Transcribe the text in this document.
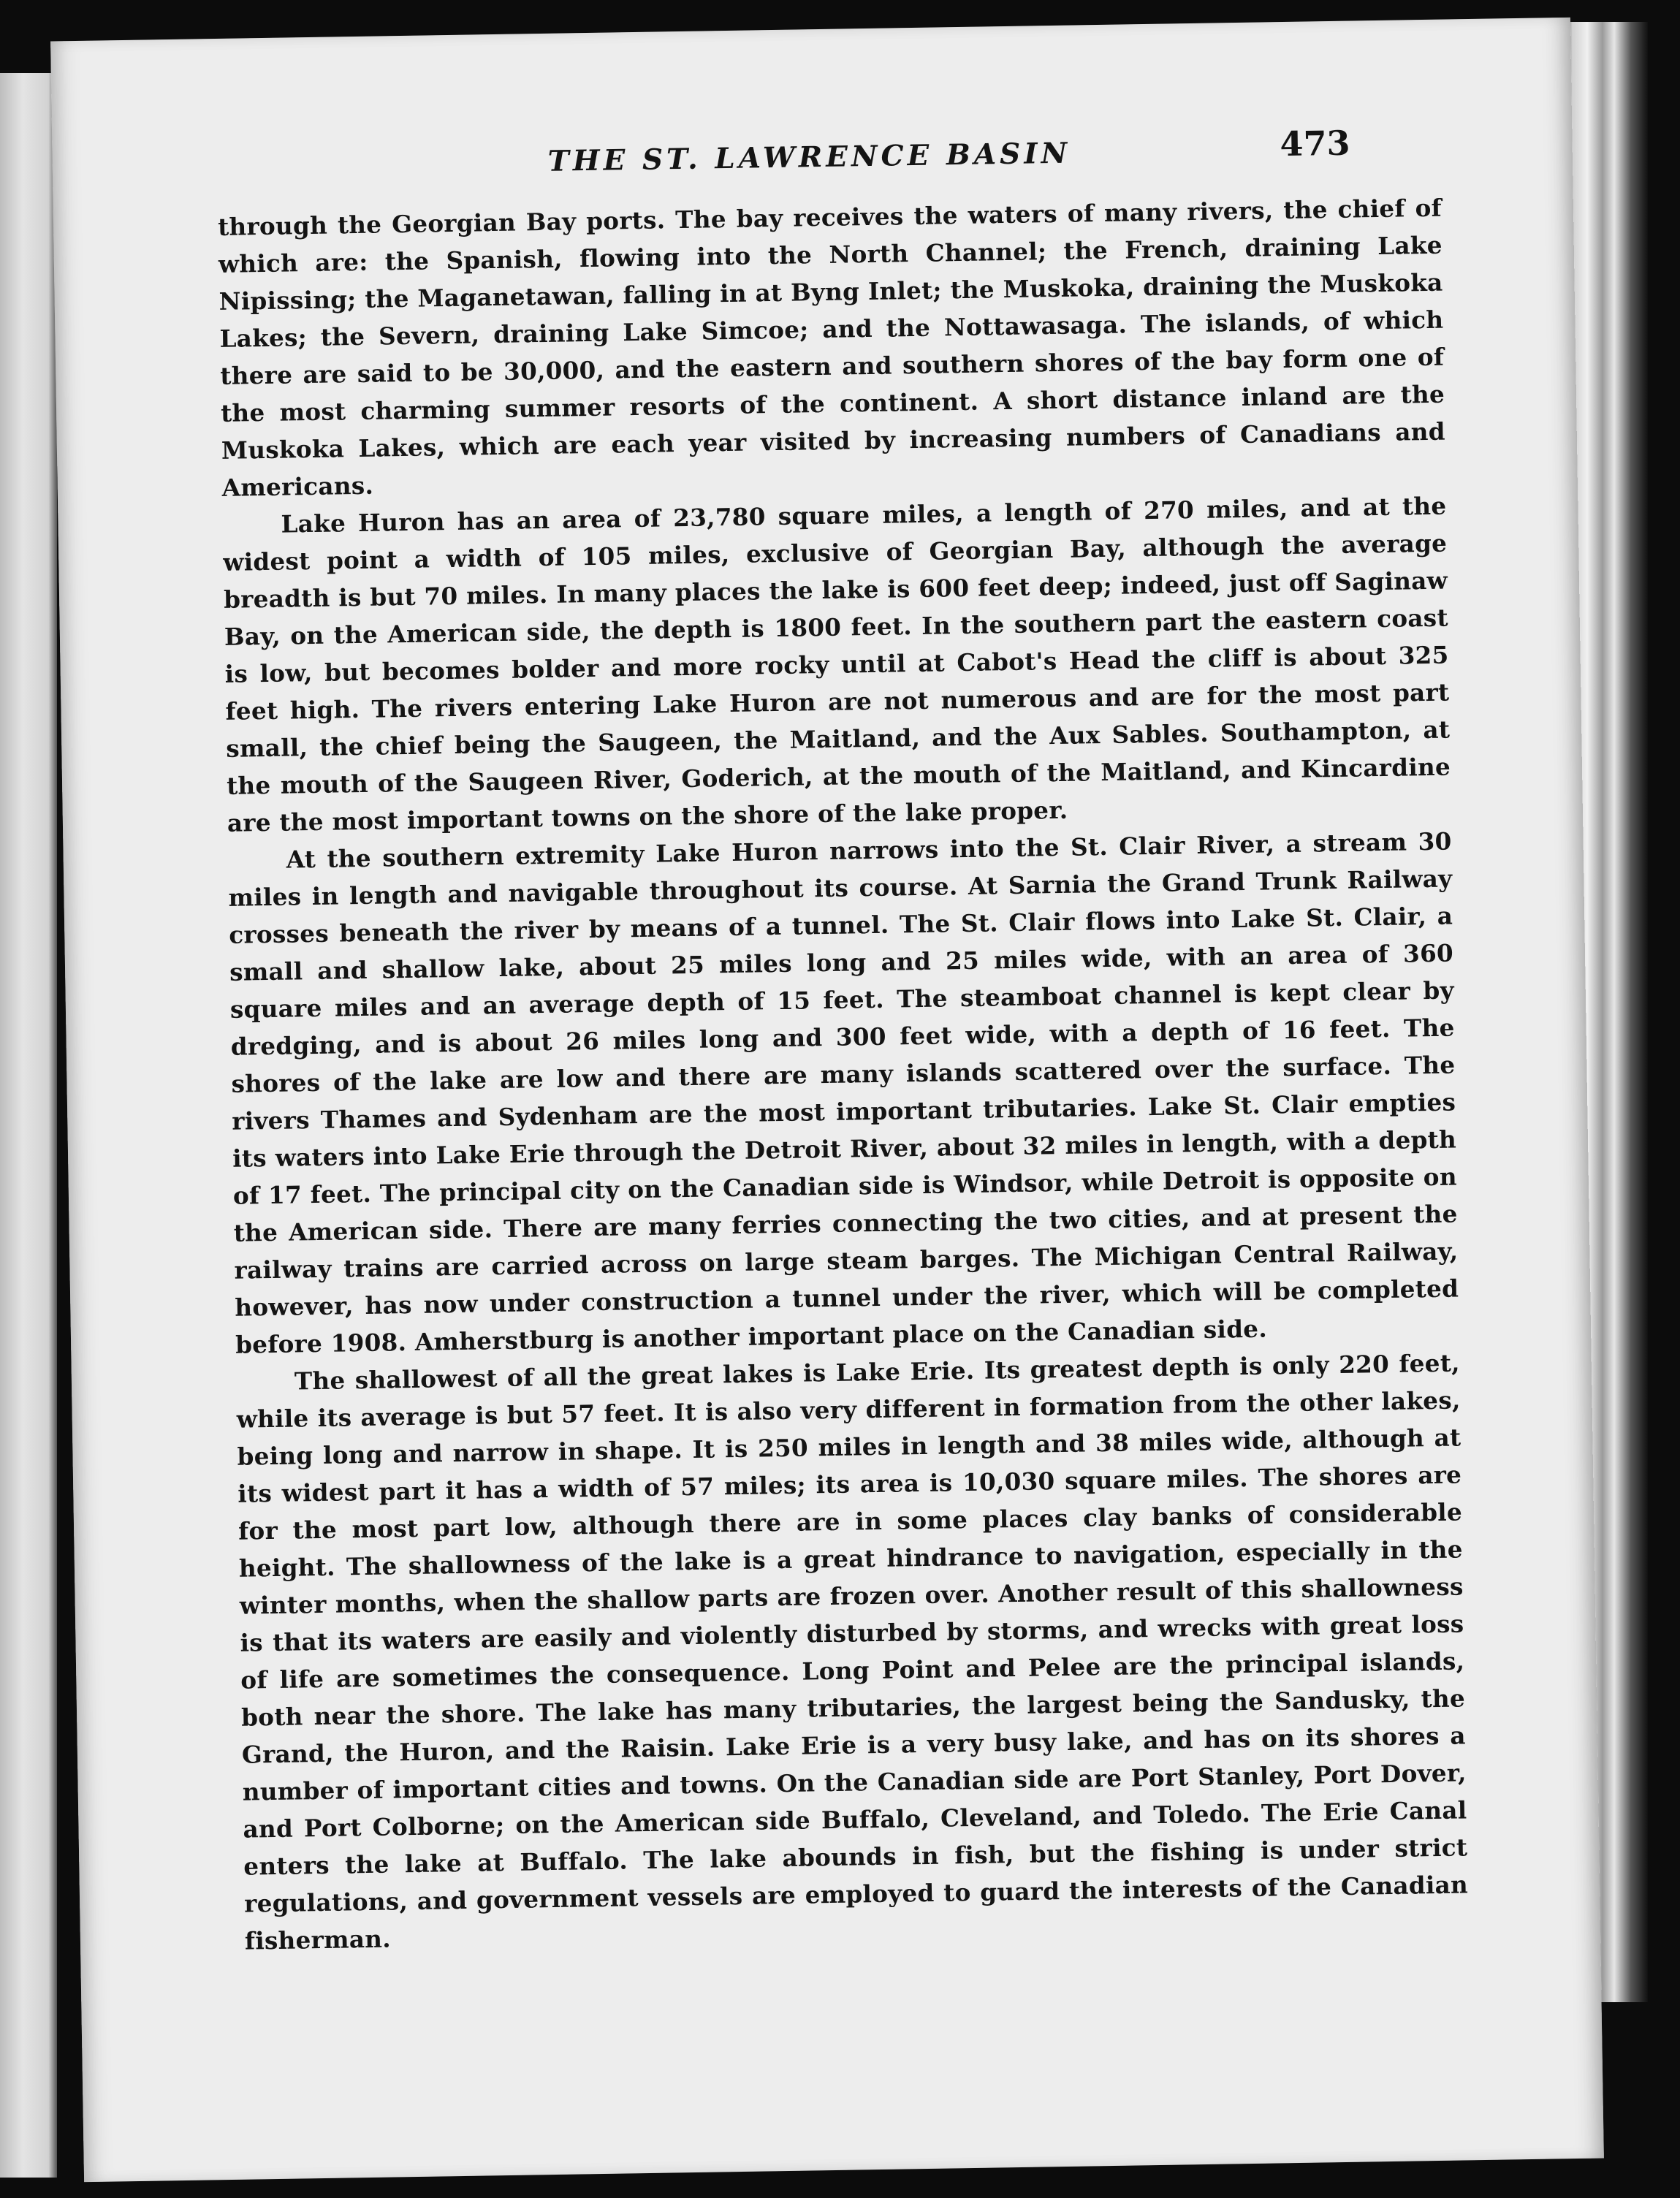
THE ST. LAWRENCE BASIN	473

through the Georgian Bay ports. The bay receives the waters of many rivers, the chief of which are: the Spanish, flowing into the North Channel; the French, draining Lake Nipissing; the Maganetawan, falling in at Byng Inlet; the Muskoka, draining the Muskoka Lakes; the Severn, draining Lake Simcoe; and the Nottawasaga. The islands, of which there are said to be 30,000, and the eastern and southern shores of the bay form one of the most charming summer resorts of the continent. A short distance inland are the Muskoka Lakes, which are each year visited by increasing numbers of Canadians and Americans.

Lake Huron has an area of 23,780 square miles, a length of 270 miles, and at the widest point a width of 105 miles, exclusive of Georgian Bay, although the average breadth is but 70 miles. In many places the lake is 600 feet deep; indeed, just off Saginaw Bay, on the American side, the depth is 1800 feet. In the southern part the eastern coast is low, but becomes bolder and more rocky until at Cabot's Head the cliff is about 325 feet high. The rivers entering Lake Huron are not numerous and are for the most part small, the chief being the Saugeen, the Maitland, and the Aux Sables. Southampton, at the mouth of the Saugeen River, Goderich, at the mouth of the Maitland, and Kincardine are the most important towns on the shore of the lake proper.

At the southern extremity Lake Huron narrows into the St. Clair River, a stream 30 miles in length and navigable throughout its course. At Sarnia the Grand Trunk Railway crosses beneath the river by means of a tunnel. The St. Clair flows into Lake St. Clair, a small and shallow lake, about 25 miles long and 25 miles wide, with an area of 360 square miles and an average depth of 15 feet. The steamboat channel is kept clear by dredging, and is about 26 miles long and 300 feet wide, with a depth of 16 feet. The shores of the lake are low and there are many islands scattered over the surface. The rivers Thames and Sydenham are the most important tributaries. Lake St. Clair empties its waters into Lake Erie through the Detroit River, about 32 miles in length, with a depth of 17 feet. The principal city on the Canadian side is Windsor, while Detroit is opposite on the American side. There are many ferries connecting the two cities, and at present the railway trains are carried across on large steam barges. The Michigan Central Railway, however, has now under construction a tunnel under the river, which will be completed before 1908. Amherstburg is another important place on the Canadian side.

The shallowest of all the great lakes is Lake Erie. Its greatest depth is only 220 feet, while its average is but 57 feet. It is also very different in formation from the other lakes, being long and narrow in shape. It is 250 miles in length and 38 miles wide, although at its widest part it has a width of 57 miles; its area is 10,030 square miles. The shores are for the most part low, although there are in some places clay banks of considerable height. The shallowness of the lake is a great hindrance to navigation, especially in the winter months, when the shallow parts are frozen over. Another result of this shallowness is that its waters are easily and violently disturbed by storms, and wrecks with great loss of life are sometimes the consequence. Long Point and Pelee are the principal islands, both near the shore. The lake has many tributaries, the largest being the Sandusky, the Grand, the Huron, and the Raisin. Lake Erie is a very busy lake, and has on its shores a number of important cities and towns. On the Canadian side are Port Stanley, Port Dover, and Port Colborne; on the American side Buffalo, Cleveland, and Toledo. The Erie Canal enters the lake at Buffalo. The lake abounds in fish, but the fishing is under strict regulations, and government vessels are employed to guard the interests of the Canadian fisherman.
